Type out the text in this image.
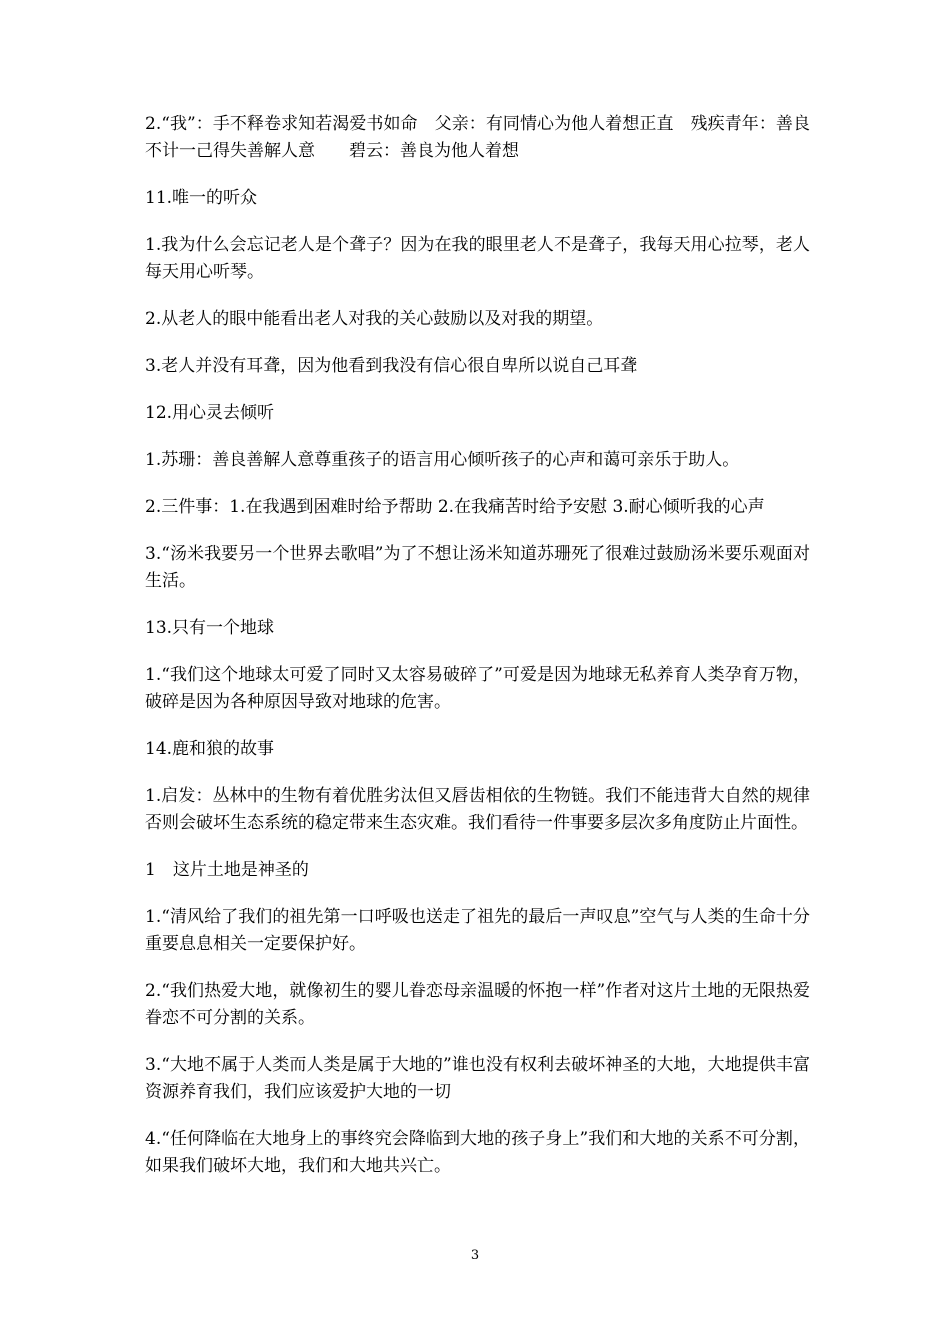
2.“我”：手不释卷求知若渴爱书如命　父亲：有同情心为他人着想正直　残疾青年：善良不计一己得失善解人意　　碧云：善良为他人着想

11.唯一的听众

1.我为什么会忘记老人是个聋子？因为在我的眼里老人不是聋子，我每天用心拉琴，老人每天用心听琴。

2.从老人的眼中能看出老人对我的关心鼓励以及对我的期望。

3.老人并没有耳聋，因为他看到我没有信心很自卑所以说自己耳聋

12.用心灵去倾听

1.苏珊：善良善解人意尊重孩子的语言用心倾听孩子的心声和蔼可亲乐于助人。

2.三件事：1.在我遇到困难时给予帮助 2.在我痛苦时给予安慰 3.耐心倾听我的心声

3.“汤米我要另一个世界去歌唱”为了不想让汤米知道苏珊死了很难过鼓励汤米要乐观面对生活。

13.只有一个地球

1.“我们这个地球太可爱了同时又太容易破碎了”可爱是因为地球无私养育人类孕育万物，破碎是因为各种原因导致对地球的危害。

14.鹿和狼的故事

1.启发：丛林中的生物有着优胜劣汰但又唇齿相依的生物链。我们不能违背大自然的规律否则会破坏生态系统的稳定带来生态灾难。我们看待一件事要多层次多角度防止片面性。

1　这片土地是神圣的

1.“清风给了我们的祖先第一口呼吸也送走了祖先的最后一声叹息”空气与人类的生命十分重要息息相关一定要保护好。

2.“我们热爱大地，就像初生的婴儿眷恋母亲温暖的怀抱一样”作者对这片土地的无限热爱眷恋不可分割的关系。

3.“大地不属于人类而人类是属于大地的”谁也没有权利去破坏神圣的大地，大地提供丰富资源养育我们，我们应该爱护大地的一切

4.“任何降临在大地身上的事终究会降临到大地的孩子身上”我们和大地的关系不可分割，如果我们破坏大地，我们和大地共兴亡。

3
